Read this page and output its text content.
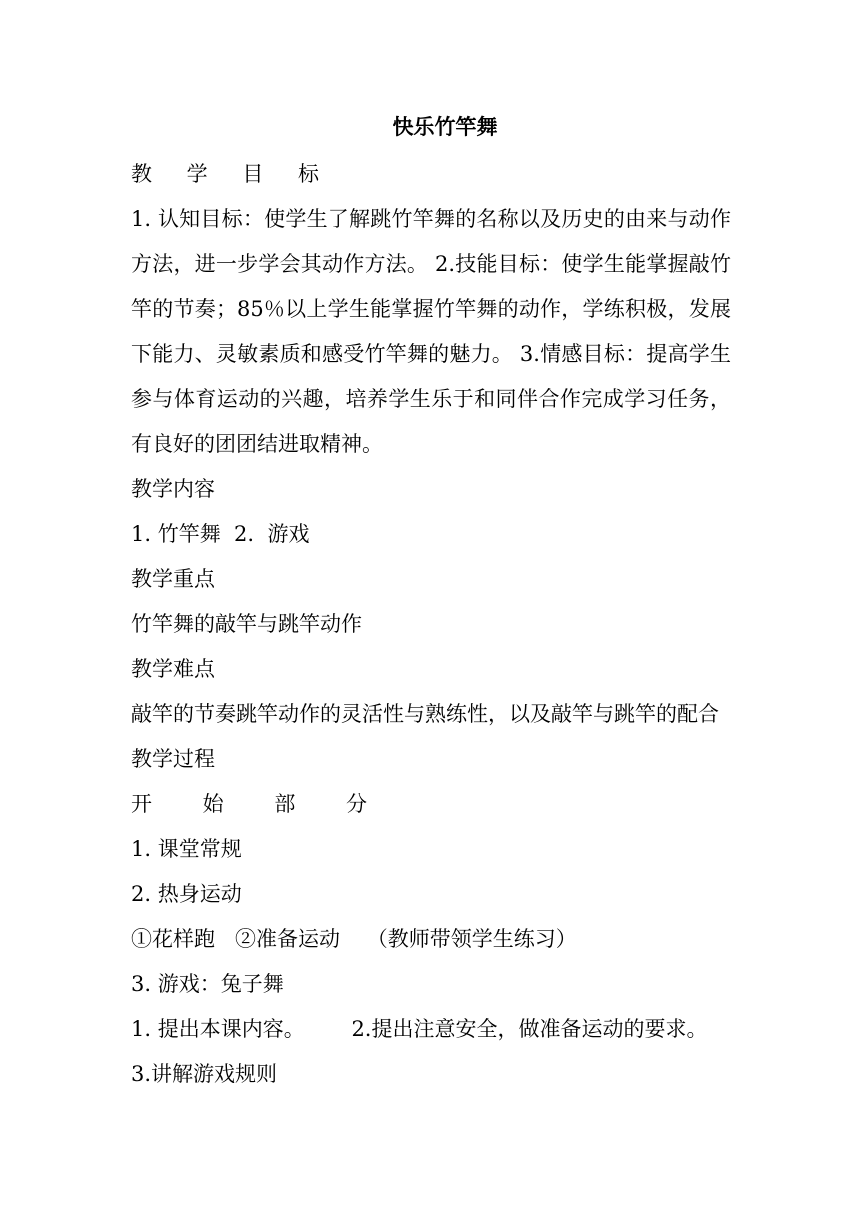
快乐竹竿舞
教 学 目 标
1. 认知目标：使学生了解跳竹竿舞的名称以及历史的由来与动作方法，进一步学会其动作方法。 2.技能目标：使学生能掌握敲竹竿的节奏；85％以上学生能掌握竹竿舞的动作，学练积极，发展下能力、灵敏素质和感受竹竿舞的魅力。 3.情感目标：提高学生参与体育运动的兴趣，培养学生乐于和同伴合作完成学习任务，有良好的团团结进取精神。
教学内容
1. 竹竿舞  2.  游戏
教学重点
竹竿舞的敲竿与跳竿动作
教学难点
敲竿的节奏跳竿动作的灵活性与熟练性，以及敲竿与跳竿的配合
教学过程
开 始 部 分
1. 课堂常规
2. 热身运动
①花样跑   ②准备运动    （教师带领学生练习）
3. 游戏：兔子舞
1. 提出本课内容。       2.提出注意安全，做准备运动的要求。
3.讲解游戏规则
